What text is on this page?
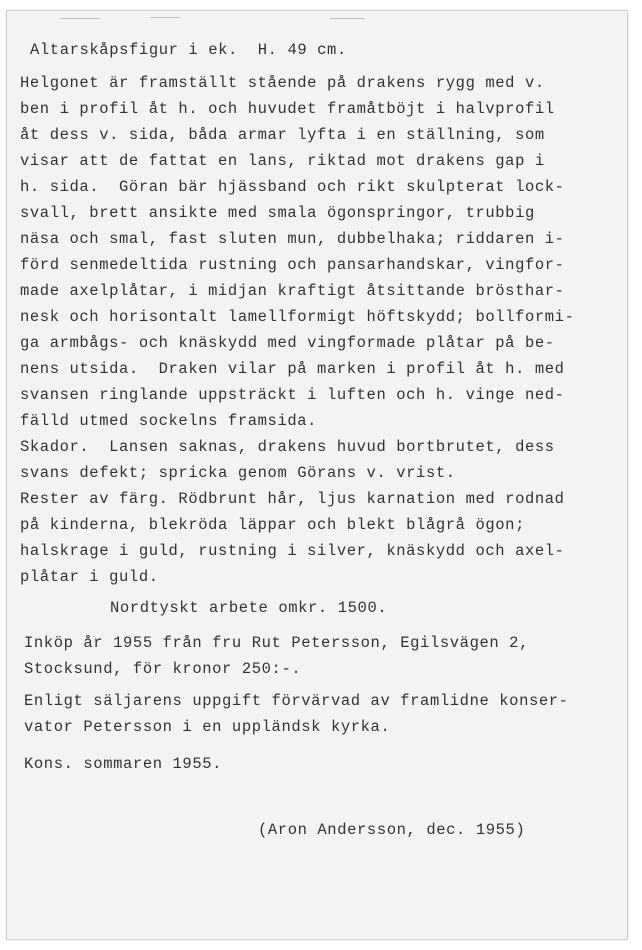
Altarskåpsfigur i ek.  H. 49 cm.
Helgonet är framställt stående på drakens rygg med v.
ben i profil åt h. och huvudet framåtböjt i halvprofil
åt dess v. sida, båda armar lyfta i en ställning, som
visar att de fattat en lans, riktad mot drakens gap i
h. sida.  Göran bär hjässband och rikt skulpterat lock-
svall, brett ansikte med smala ögonspringor, trubbig
näsa och smal, fast sluten mun, dubbelhaka; riddaren i-
förd senmedeltida rustning och pansarhandskar, vingfor-
made axelplåtar, i midjan kraftigt åtsittande brösthar-
nesk och horisontalt lamellformigt höftskydd; bollformi-
ga armbågs- och knäskydd med vingformade plåtar på be-
nens utsida.  Draken vilar på marken i profil åt h. med
svansen ringlande uppsträckt i luften och h. vinge ned-
fälld utmed sockelns framsida.
Skador.  Lansen saknas, drakens huvud bortbrutet, dess
svans defekt; spricka genom Görans v. vrist.
Rester av färg. Rödbrunt hår, ljus karnation med rodnad
på kinderna, blekröda läppar och blekt blågrå ögon;
halskrage i guld, rustning i silver, knäskydd och axel-
plåtar i guld.
Nordtyskt arbete omkr. 1500.
Inköp år 1955 från fru Rut Petersson, Egilsvägen 2,
Stocksund, för kronor 250:-.
Enligt säljarens uppgift förvärvad av framlidne konser-
vator Petersson i en uppländsk kyrka.
Kons. sommaren 1955.
(Aron Andersson, dec. 1955)
